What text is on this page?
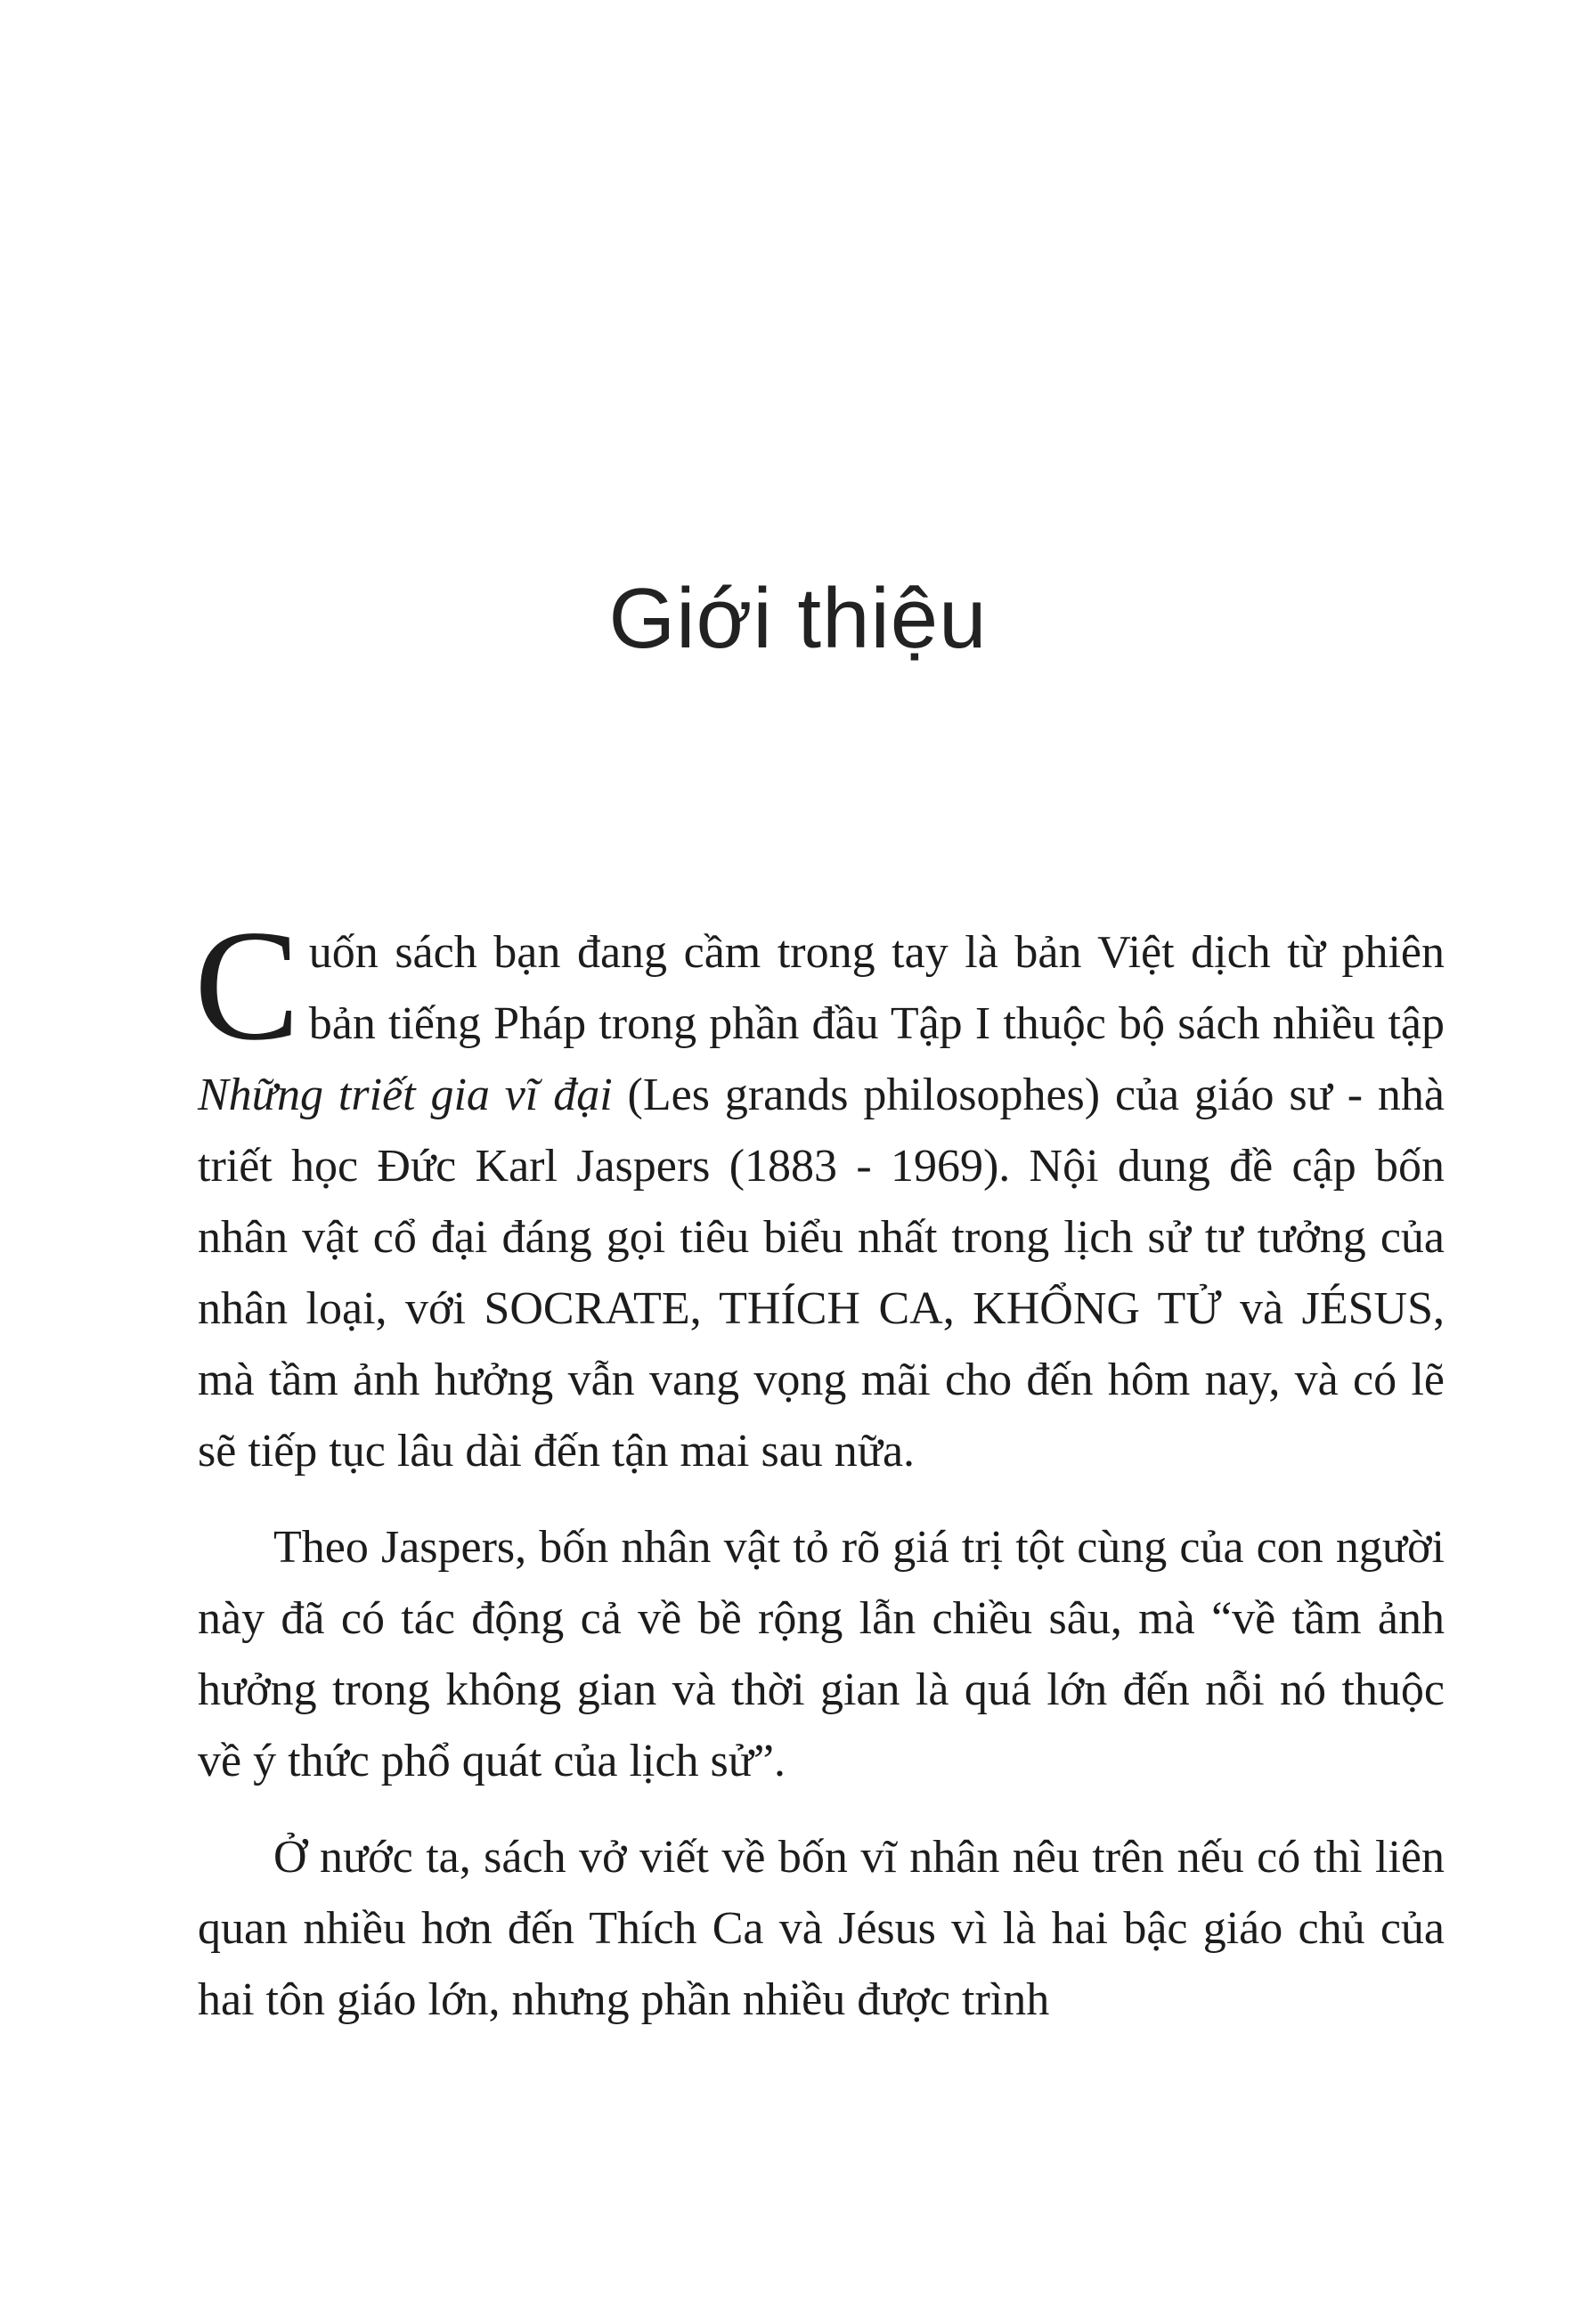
Giới thiệu

Cuốn sách bạn đang cầm trong tay là bản Việt dịch từ phiên bản tiếng Pháp trong phần đầu Tập I thuộc bộ sách nhiều tập Những triết gia vĩ đại (Les grands philosophes) của giáo sư - nhà triết học Đức Karl Jaspers (1883 - 1969). Nội dung đề cập bốn nhân vật cổ đại đáng gọi tiêu biểu nhất trong lịch sử tư tưởng của nhân loại, với SOCRATE, THÍCH CA, KHỔNG TỬ và JÉSUS, mà tầm ảnh hưởng vẫn vang vọng mãi cho đến hôm nay, và có lẽ sẽ tiếp tục lâu dài đến tận mai sau nữa.

Theo Jaspers, bốn nhân vật tỏ rõ giá trị tột cùng của con người này đã có tác động cả về bề rộng lẫn chiều sâu, mà “về tầm ảnh hưởng trong không gian và thời gian là quá lớn đến nỗi nó thuộc về ý thức phổ quát của lịch sử”.

Ở nước ta, sách vở viết về bốn vĩ nhân nêu trên nếu có thì liên quan nhiều hơn đến Thích Ca và Jésus vì là hai bậc giáo chủ của hai tôn giáo lớn, nhưng phần nhiều được trình
